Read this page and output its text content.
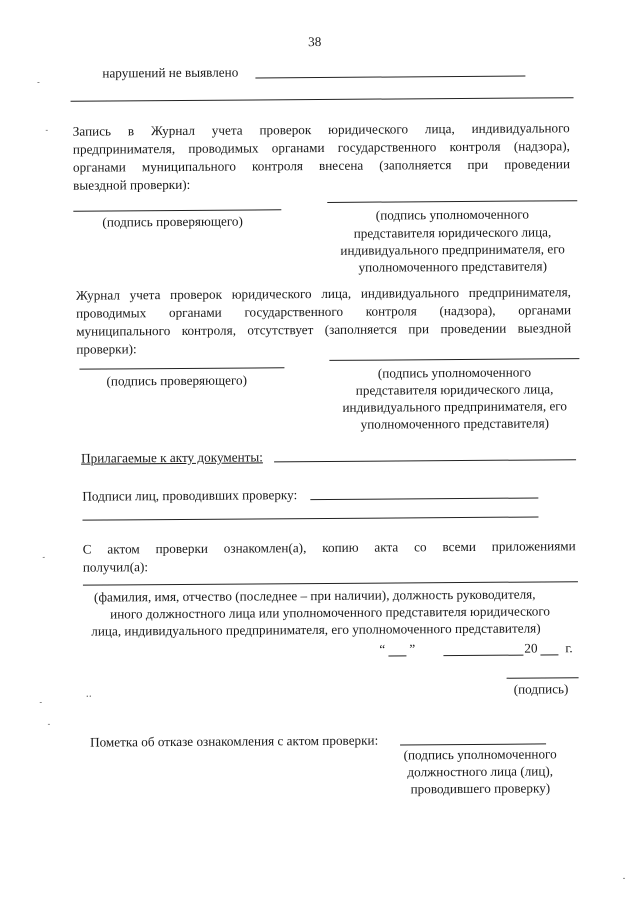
38
нарушений не выявлено
Запись в Журнал учета проверок юридического лица, индивидуального
предпринимателя, проводимых органами государственного контроля (надзора),
органами муниципального контроля внесена (заполняется при проведении
выездной проверки):
(подпись проверяющего)	(подпись уполномоченного
представителя юридического лица,
индивидуального предпринимателя, его
уполномоченного представителя)
Журнал учета проверок юридического лица, индивидуального предпринимателя,
проводимых органами государственного контроля (надзора), органами
муниципального контроля, отсутствует (заполняется при проведении выездной
проверки):
(подпись проверяющего)	(подпись уполномоченного
представителя юридического лица,
индивидуального предпринимателя, его
уполномоченного представителя)
Прилагаемые к акту документы:
Подписи лиц, проводивших проверку:
С актом проверки ознакомлен(а), копию акта со всеми приложениями
получил(а):
(фамилия, имя, отчество (последнее – при наличии), должность руководителя,
иного должностного лица или уполномоченного представителя юридического
лица, индивидуального предпринимателя, его уполномоченного представителя)
“ ”	20 г.
(подпись)
‥
Пометка об отказе ознакомления с актом проверки:
(подпись уполномоченного
должностного лица (лиц),
проводившего проверку)
